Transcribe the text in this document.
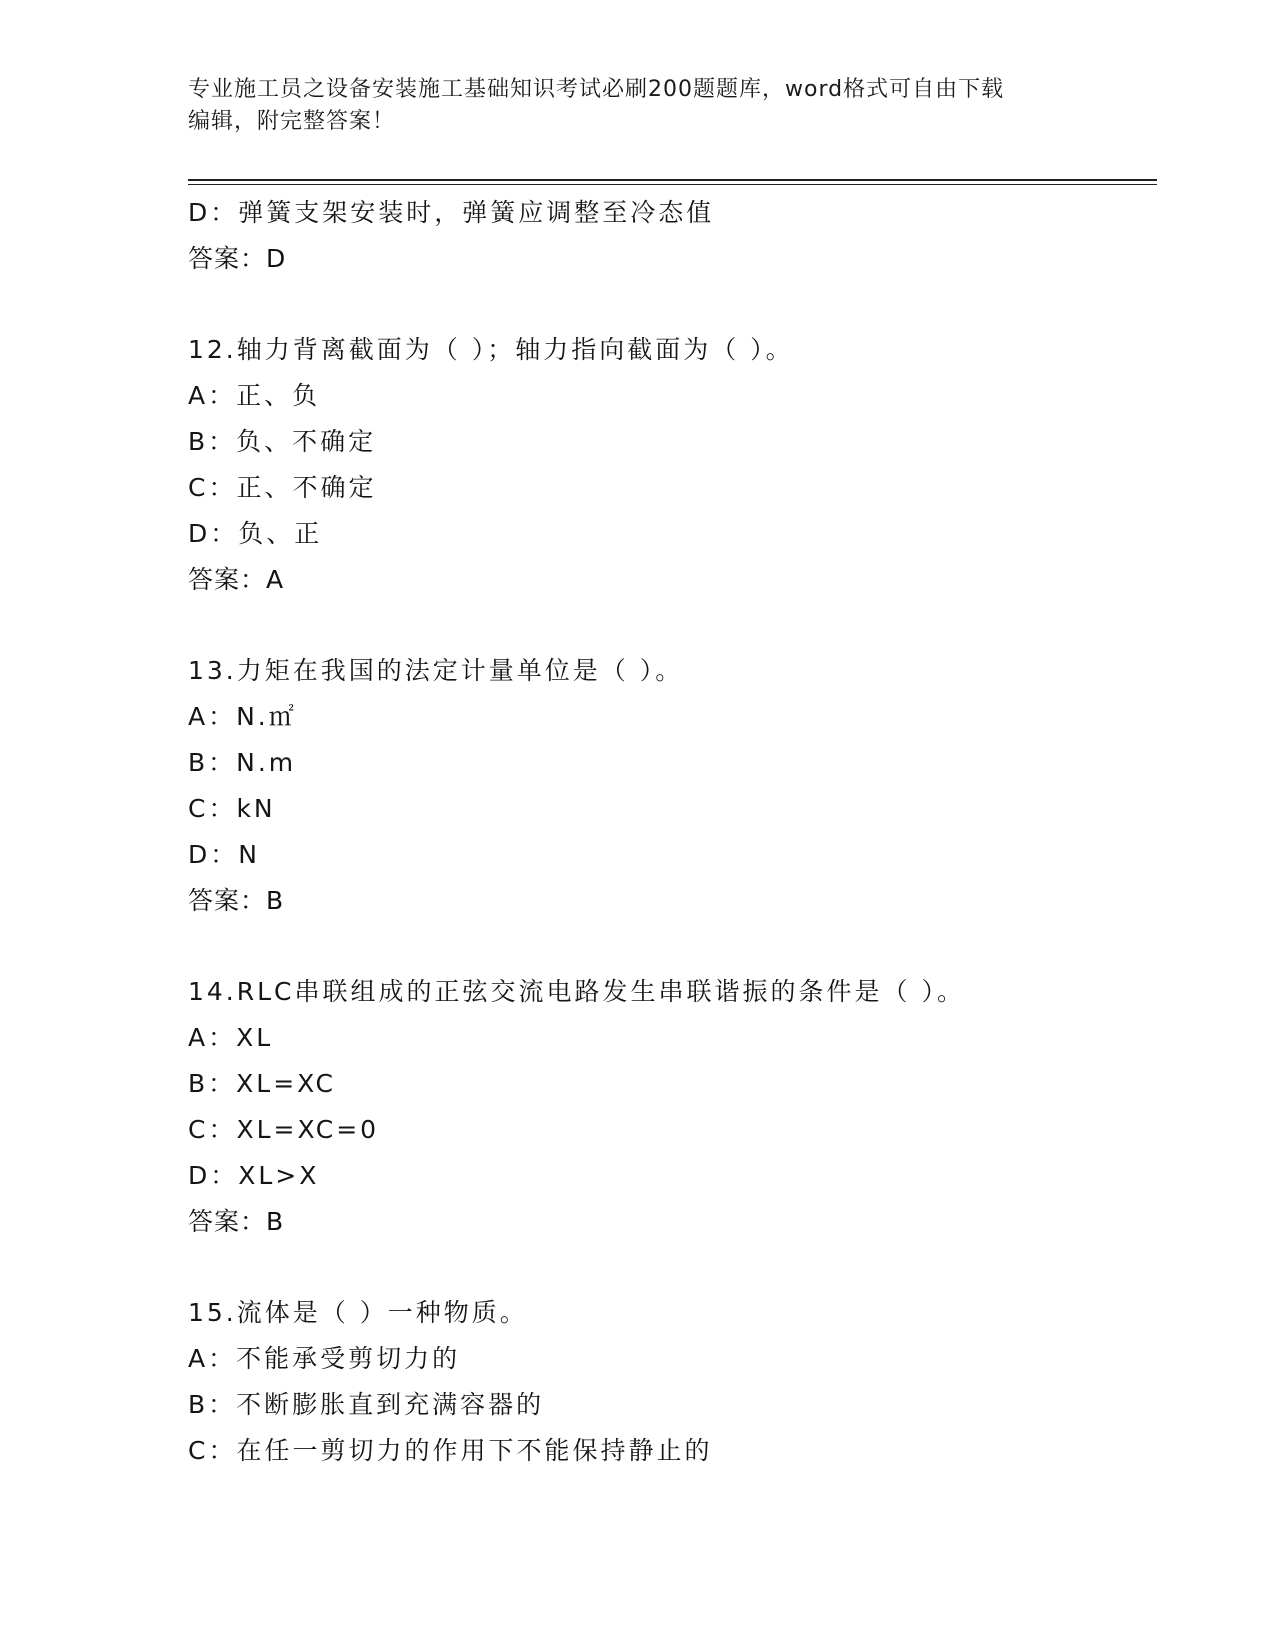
专业施工员之设备安装施工基础知识考试必刷200题题库，word格式可自由下载
编辑，附完整答案！
D：弹簧支架安装时，弹簧应调整至冷态值
答案：D
12.轴力背离截面为（ ）；轴力指向截面为（ ）。
A：正、负
B：负、不确定
C：正、不确定
D：负、正
答案：A
13.力矩在我国的法定计量单位是（ ）。
A：N.㎡
B：N.m
C：kN
D：N
答案：B
14.RLC串联组成的正弦交流电路发生串联谐振的条件是（ ）。
A：XL
B：XL=XC
C：XL=XC=0
D：XL>X
答案：B
15.流体是（ ）一种物质。
A：不能承受剪切力的
B：不断膨胀直到充满容器的
C：在任一剪切力的作用下不能保持静止的
